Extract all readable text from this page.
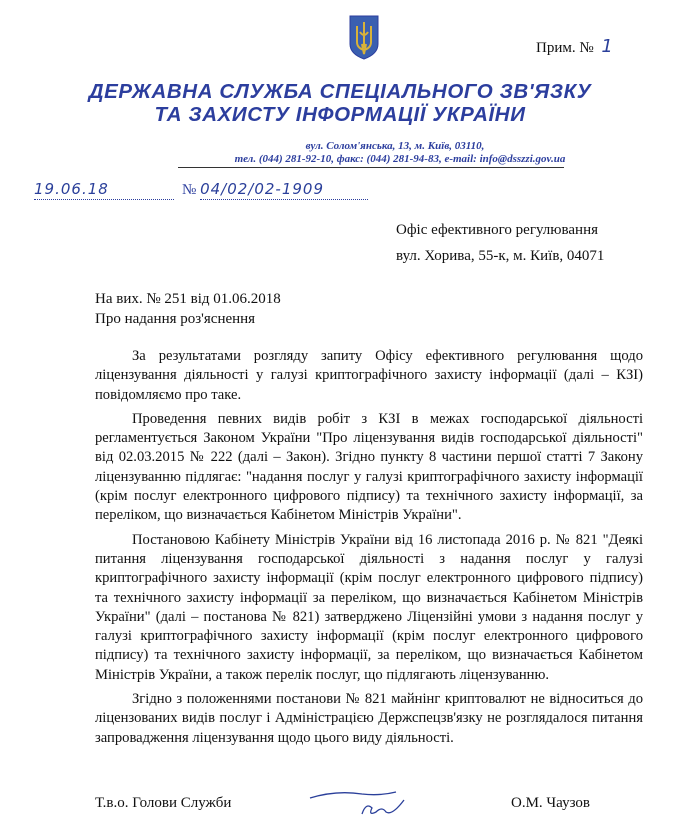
Прим. № 1
ДЕРЖАВНА СЛУЖБА СПЕЦІАЛЬНОГО ЗВ'ЯЗКУ
ТА ЗАХИСТУ ІНФОРМАЦІЇ УКРАЇНИ
вул. Солом'янська, 13, м. Київ, 03110,
тел. (044) 281-92-10, факс: (044) 281-94-83, e-mail: info@dsszzi.gov.ua
19.06.18	№ 04/02/02-1909
Офіс ефективного регулювання
вул. Хорива, 55-к, м. Київ, 04071
На вих. № 251 від 01.06.2018
Про надання роз'яснення

За результатами розгляду запиту Офісу ефективного регулювання щодо ліцензування діяльності у галузі криптографічного захисту інформації (далі – КЗІ) повідомляємо про таке.

Проведення певних видів робіт з КЗІ в межах господарської діяльності регламентується Законом України "Про ліцензування видів господарської діяльності" від 02.03.2015 № 222 (далі – Закон). Згідно пункту 8 частини першої статті 7 Закону ліцензуванню підлягає: "надання послуг у галузі криптографічного захисту інформації (крім послуг електронного цифрового підпису) та технічного захисту інформації, за переліком, що визначається Кабінетом Міністрів України".

Постановою Кабінету Міністрів України від 16 листопада 2016 р. № 821 "Деякі питання ліцензування господарської діяльності з надання послуг у галузі криптографічного захисту інформації (крім послуг електронного цифрового підпису) та технічного захисту інформації за переліком, що визначається Кабінетом Міністрів України" (далі – постанова № 821) затверджено Ліцензійні умови з надання послуг у галузі криптографічного захисту інформації (крім послуг електронного цифрового підпису) та технічного захисту інформації, за переліком, що визначається Кабінетом Міністрів України, а також перелік послуг, що підлягають ліцензуванню.

Згідно з положеннями постанови № 821 майнінг криптовалют не відноситься до ліцензованих видів послуг і Адміністрацією Держспецзв'язку не розглядалося питання запровадження ліцензування щодо цього виду діяльності.

Т.в.о. Голови Служби	О.М. Чаузов
